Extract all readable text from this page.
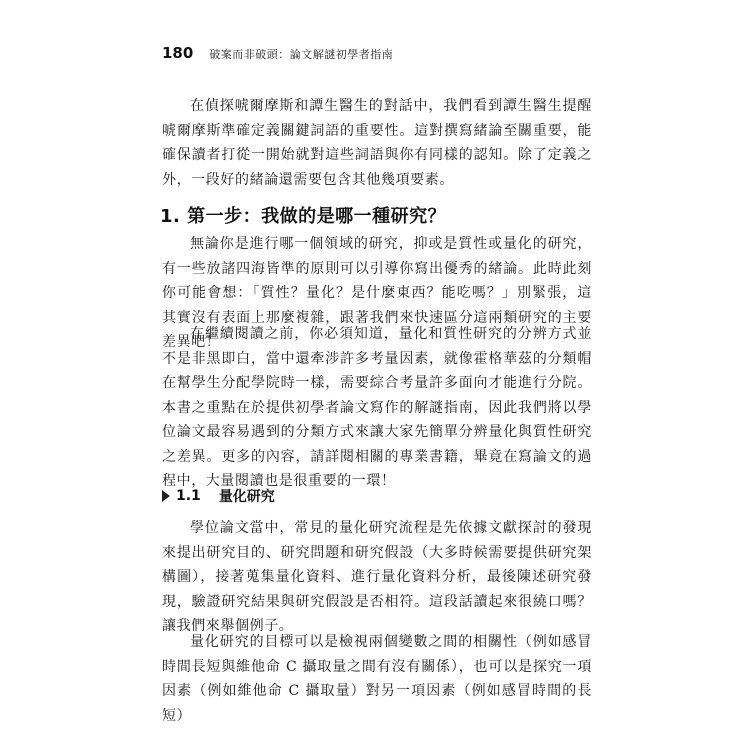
180 破案而非破頭：論文解謎初學者指南

在偵探唬爾摩斯和譚生醫生的對話中，我們看到譚生醫生提醒唬爾摩斯準確定義關鍵詞語的重要性。這對撰寫緒論至關重要，能確保讀者打從一開始就對這些詞語與你有同樣的認知。除了定義之外，一段好的緒論還需要包含其他幾項要素。

1. 第一步：我做的是哪一種研究？

無論你是進行哪一個領域的研究，抑或是質性或量化的研究，有一些放諸四海皆準的原則可以引導你寫出優秀的緒論。此時此刻你可能會想：「質性？量化？是什麼東西？能吃嗎？」別緊張，這其實沒有表面上那麼複雜，跟著我們來快速區分這兩類研究的主要差異吧！

在繼續閱讀之前，你必須知道，量化和質性研究的分辨方式並不是非黑即白，當中還牽涉許多考量因素，就像霍格華茲的分類帽在幫學生分配學院時一樣，需要綜合考量許多面向才能進行分院。本書之重點在於提供初學者論文寫作的解謎指南，因此我們將以學位論文最容易遇到的分類方式來讓大家先簡單分辨量化與質性研究之差異。更多的內容，請詳閱相關的專業書籍，畢竟在寫論文的過程中，大量閱讀也是很重要的一環！

1.1 量化研究

學位論文當中，常見的量化研究流程是先依據文獻探討的發現來提出研究目的、研究問題和研究假設（大多時候需要提供研究架構圖），接著蒐集量化資料、進行量化資料分析，最後陳述研究發現，驗證研究結果與研究假設是否相符。這段話讀起來很繞口嗎？讓我們來舉個例子。

量化研究的目標可以是檢視兩個變數之間的相關性（例如感冒時間長短與維他命 C 攝取量之間有沒有關係），也可以是探究一項因素（例如維他命 C 攝取量）對另一項因素（例如感冒時間的長短）
